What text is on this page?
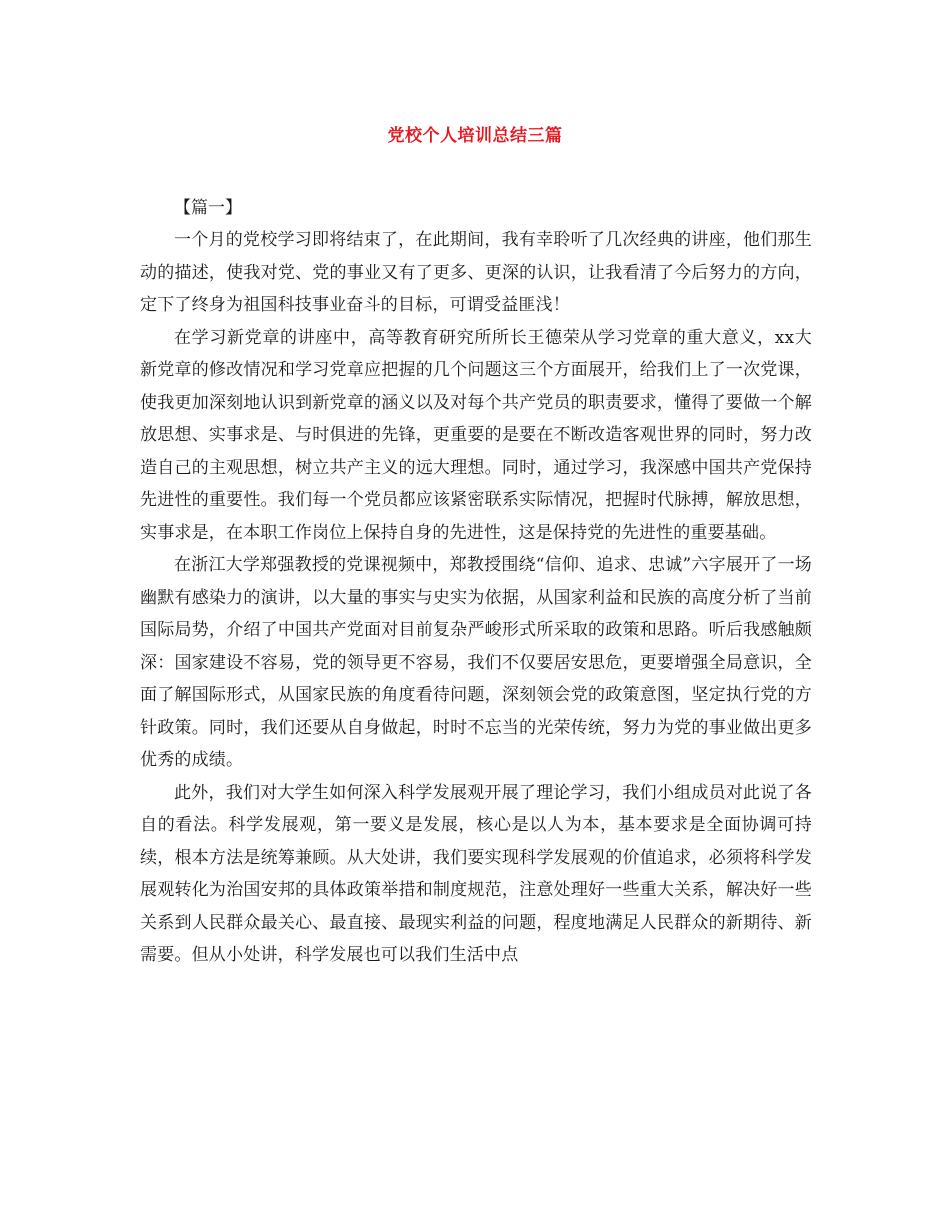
党校个人培训总结三篇

【篇一】

一个月的党校学习即将结束了，在此期间，我有幸聆听了几次经典的讲座，他们那生动的描述，使我对党、党的事业又有了更多、更深的认识，让我看清了今后努力的方向，定下了终身为祖国科技事业奋斗的目标，可谓受益匪浅！

在学习新党章的讲座中，高等教育研究所所长王德荣从学习党章的重大意义，xx大新党章的修改情况和学习党章应把握的几个问题这三个方面展开，给我们上了一次党课，使我更加深刻地认识到新党章的涵义以及对每个共产党员的职责要求，懂得了要做一个解放思想、实事求是、与时俱进的先锋，更重要的是要在不断改造客观世界的同时，努力改造自己的主观思想，树立共产主义的远大理想。同时，通过学习，我深感中国共产党保持先进性的重要性。我们每一个党员都应该紧密联系实际情况，把握时代脉搏，解放思想，实事求是，在本职工作岗位上保持自身的先进性，这是保持党的先进性的重要基础。

在浙江大学郑强教授的党课视频中，郑教授围绕“信仰、追求、忠诚”六字展开了一场幽默有感染力的演讲，以大量的事实与史实为依据，从国家利益和民族的高度分析了当前国际局势，介绍了中国共产党面对目前复杂严峻形式所采取的政策和思路。听后我感触颇深：国家建设不容易，党的领导更不容易，我们不仅要居安思危，更要增强全局意识，全面了解国际形式，从国家民族的角度看待问题，深刻领会党的政策意图，坚定执行党的方针政策。同时，我们还要从自身做起，时时不忘当的光荣传统，努力为党的事业做出更多优秀的成绩。

此外，我们对大学生如何深入科学发展观开展了理论学习，我们小组成员对此说了各自的看法。科学发展观，第一要义是发展，核心是以人为本，基本要求是全面协调可持续，根本方法是统筹兼顾。从大处讲，我们要实现科学发展观的价值追求，必须将科学发展观转化为治国安邦的具体政策举措和制度规范，注意处理好一些重大关系，解决好一些关系到人民群众最关心、最直接、最现实利益的问题，程度地满足人民群众的新期待、新需要。但从小处讲，科学发展也可以我们生活中点
